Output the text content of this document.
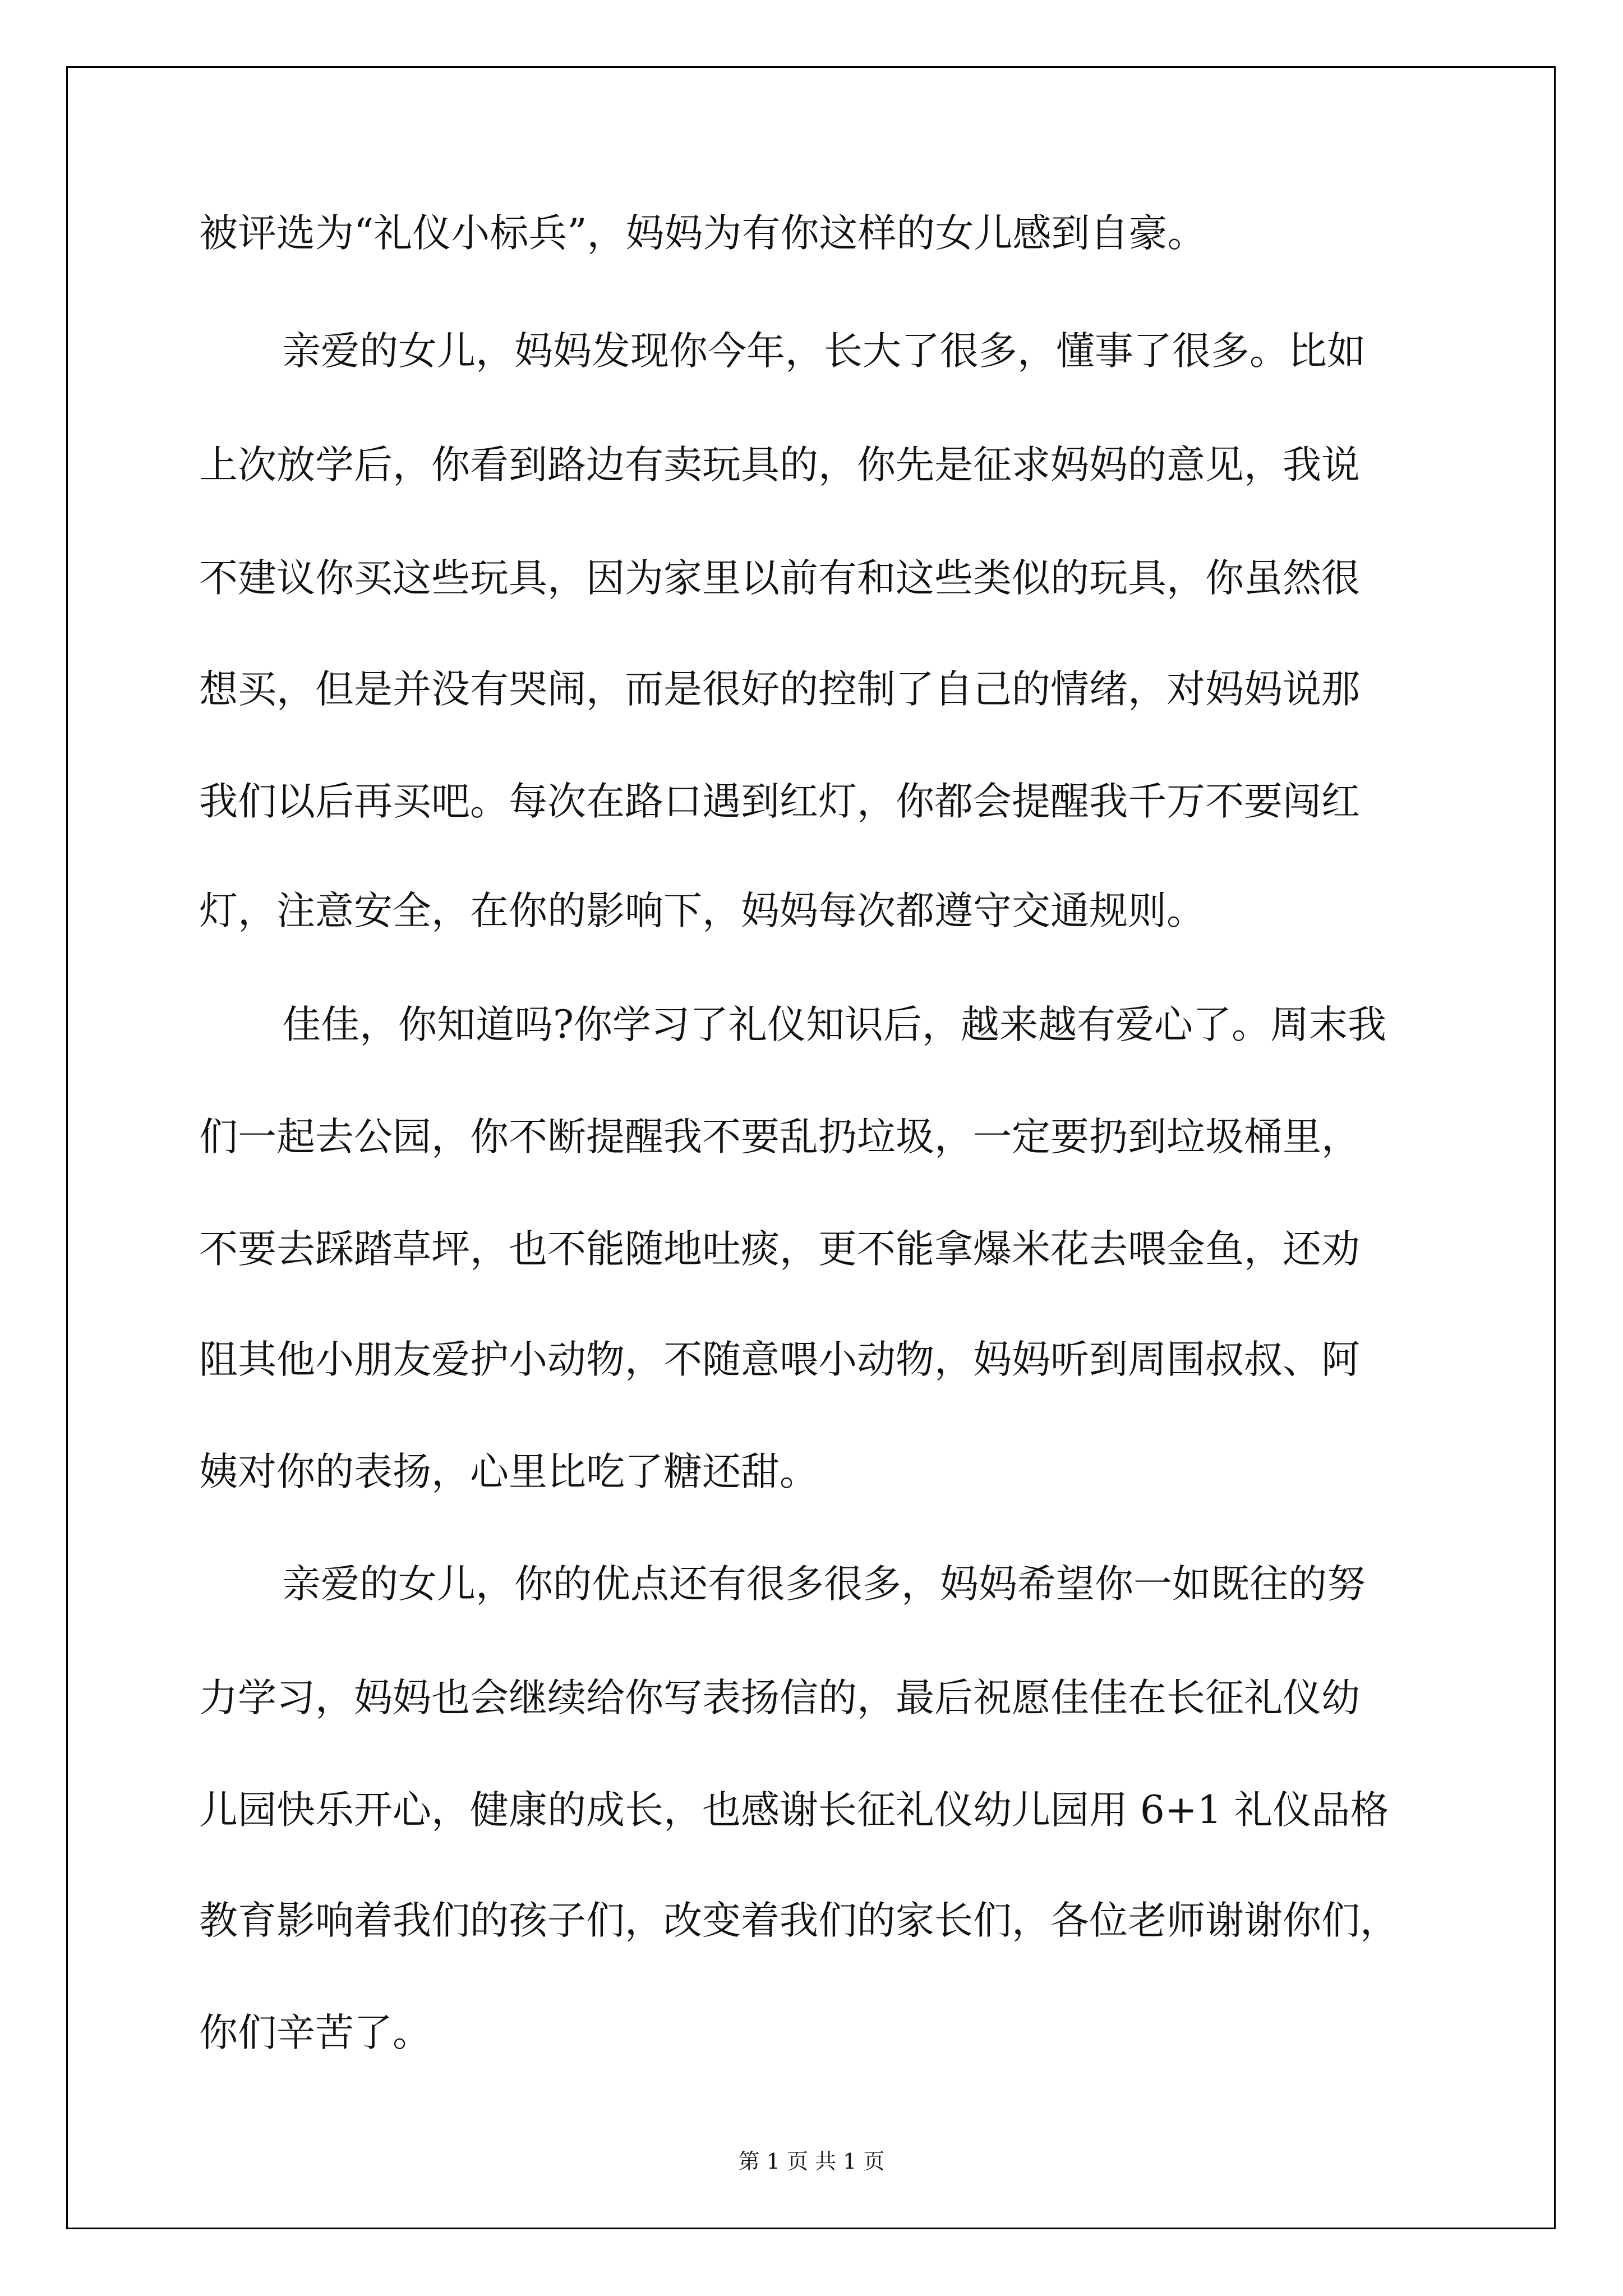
被评选为“礼仪小标兵”，妈妈为有你这样的女儿感到自豪。
亲爱的女儿，妈妈发现你今年，长大了很多，懂事了很多。比如
上次放学后，你看到路边有卖玩具的，你先是征求妈妈的意见，我说
不建议你买这些玩具，因为家里以前有和这些类似的玩具，你虽然很
想买，但是并没有哭闹，而是很好的控制了自己的情绪，对妈妈说那
我们以后再买吧。每次在路口遇到红灯，你都会提醒我千万不要闯红
灯，注意安全，在你的影响下，妈妈每次都遵守交通规则。
佳佳，你知道吗?你学习了礼仪知识后，越来越有爱心了。周末我
们一起去公园，你不断提醒我不要乱扔垃圾，一定要扔到垃圾桶里，
不要去踩踏草坪，也不能随地吐痰，更不能拿爆米花去喂金鱼，还劝
阻其他小朋友爱护小动物，不随意喂小动物，妈妈听到周围叔叔、阿
姨对你的表扬，心里比吃了糖还甜。
亲爱的女儿，你的优点还有很多很多，妈妈希望你一如既往的努
力学习，妈妈也会继续给你写表扬信的，最后祝愿佳佳在长征礼仪幼
儿园快乐开心，健康的成长，也感谢长征礼仪幼儿园用 6+1 礼仪品格
教育影响着我们的孩子们，改变着我们的家长们，各位老师谢谢你们，
你们辛苦了。
第 1 页 共 1 页
